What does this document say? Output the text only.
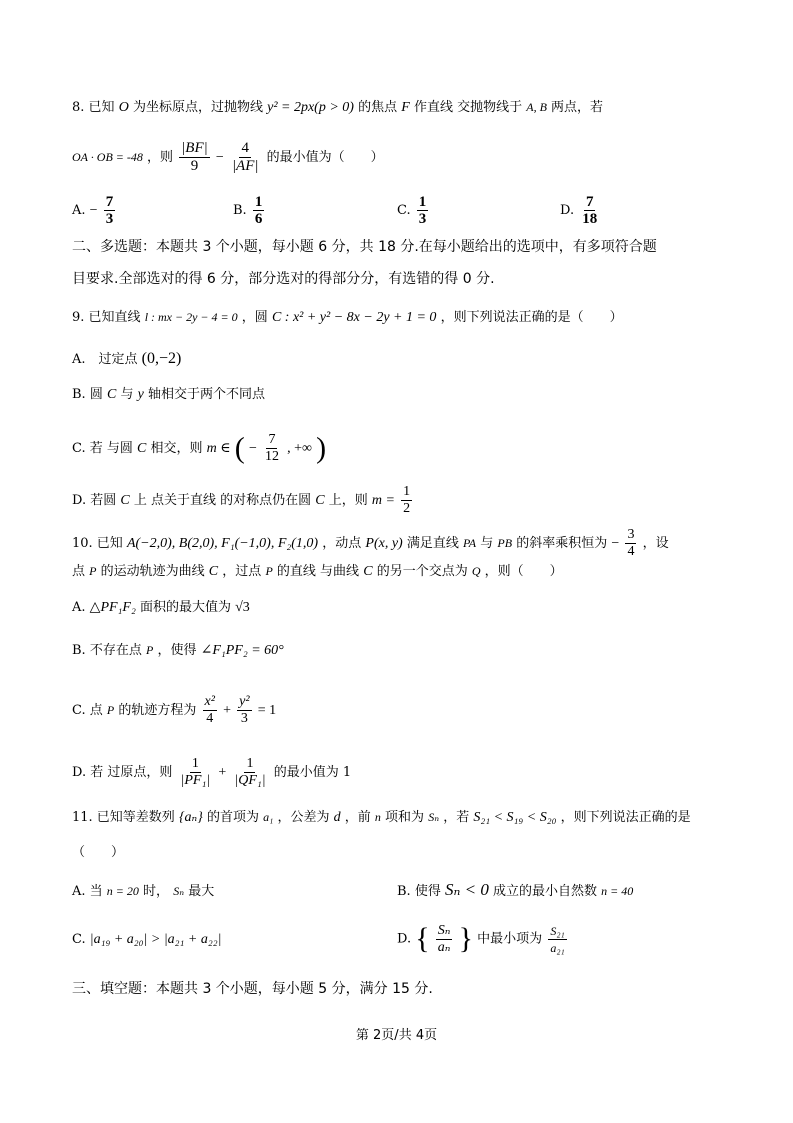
8. 已知 O 为坐标原点，过抛物线 y² = 2px(p > 0) 的焦点 F 作直线 交抛物线于 A, B 两点，若
OA · OB = -48 ，则 $\frac{|BF|}{9} - \frac{4}{|AF|}$ 的最小值为（　　）
A. − $\frac{7}{3}$	B. $\frac{1}{6}$	C. $\frac{1}{3}$	D. $\frac{7}{18}$
二、多选题：本题共 3 个小题，每小题 6 分，共 18 分.在每小题给出的选项中，有多项符合题
目要求.全部选对的得 6 分，部分选对的得部分分，有选错的得 0 分.
9. 已知直线 l : mx − 2y − 4 = 0 ，圆 C : x² + y² − 8x − 2y + 1 = 0 ，则下列说法正确的是（　　）
A.　过定点 (0,−2)
B. 圆 C 与 y 轴相交于两个不同点
C. 若 与圆 C 相交，则 m ∈ ( − $\frac{7}{12}$ , +∞ )
D. 若圆 C 上 点关于直线 的对称点仍在圆 C 上，则 $m = \frac{1}{2}$
10. 已知 A(−2,0), B(2,0), F₁(−1,0), F₂(1,0) ，动点 P(x, y) 满足直线 PA 与 PB 的斜率乘积恒为 − $\frac{3}{4}$ ，设
点 P 的运动轨迹为曲线 C ，过点 P 的直线 与曲线 C 的另一个交点为 Q ，则（　　）
A. △PF₁F₂ 面积的最大值为 √3
B. 不存在点 P ，使得 ∠F₁PF₂ = 60°
C. 点 P 的轨迹方程为 $\frac{\text{x²}}{4} + \frac{\text{y²}}{3} = 1$
D. 若 过原点，则 $\frac{1}{\text{|PF₁|}} + \frac{1}{\text{|QF₁|}}$ 的最小值为 1
11. 已知等差数列 {aₙ} 的首项为 a₁ ，公差为 d ，前 n 项和为 Sₙ ，若 S₂₁ < S₁₉ < S₂₀ ，则下列说法正确的是
（　　）
A. 当 n = 20 时， Sₙ 最大	B. 使得 Sₙ < 0 成立的最小自然数 n = 40
C. |a₁₉ + a₂₀| > |a₂₁ + a₂₂|	D. { $\frac{\text{Sₙ}}{\text{aₙ}}$ } 中最小项为 $\frac{\text{S₂₁}}{\text{a₂₁}}$
三、填空题：本题共 3 个小题，每小题 5 分，满分 15 分.
第 2页/共 4页
